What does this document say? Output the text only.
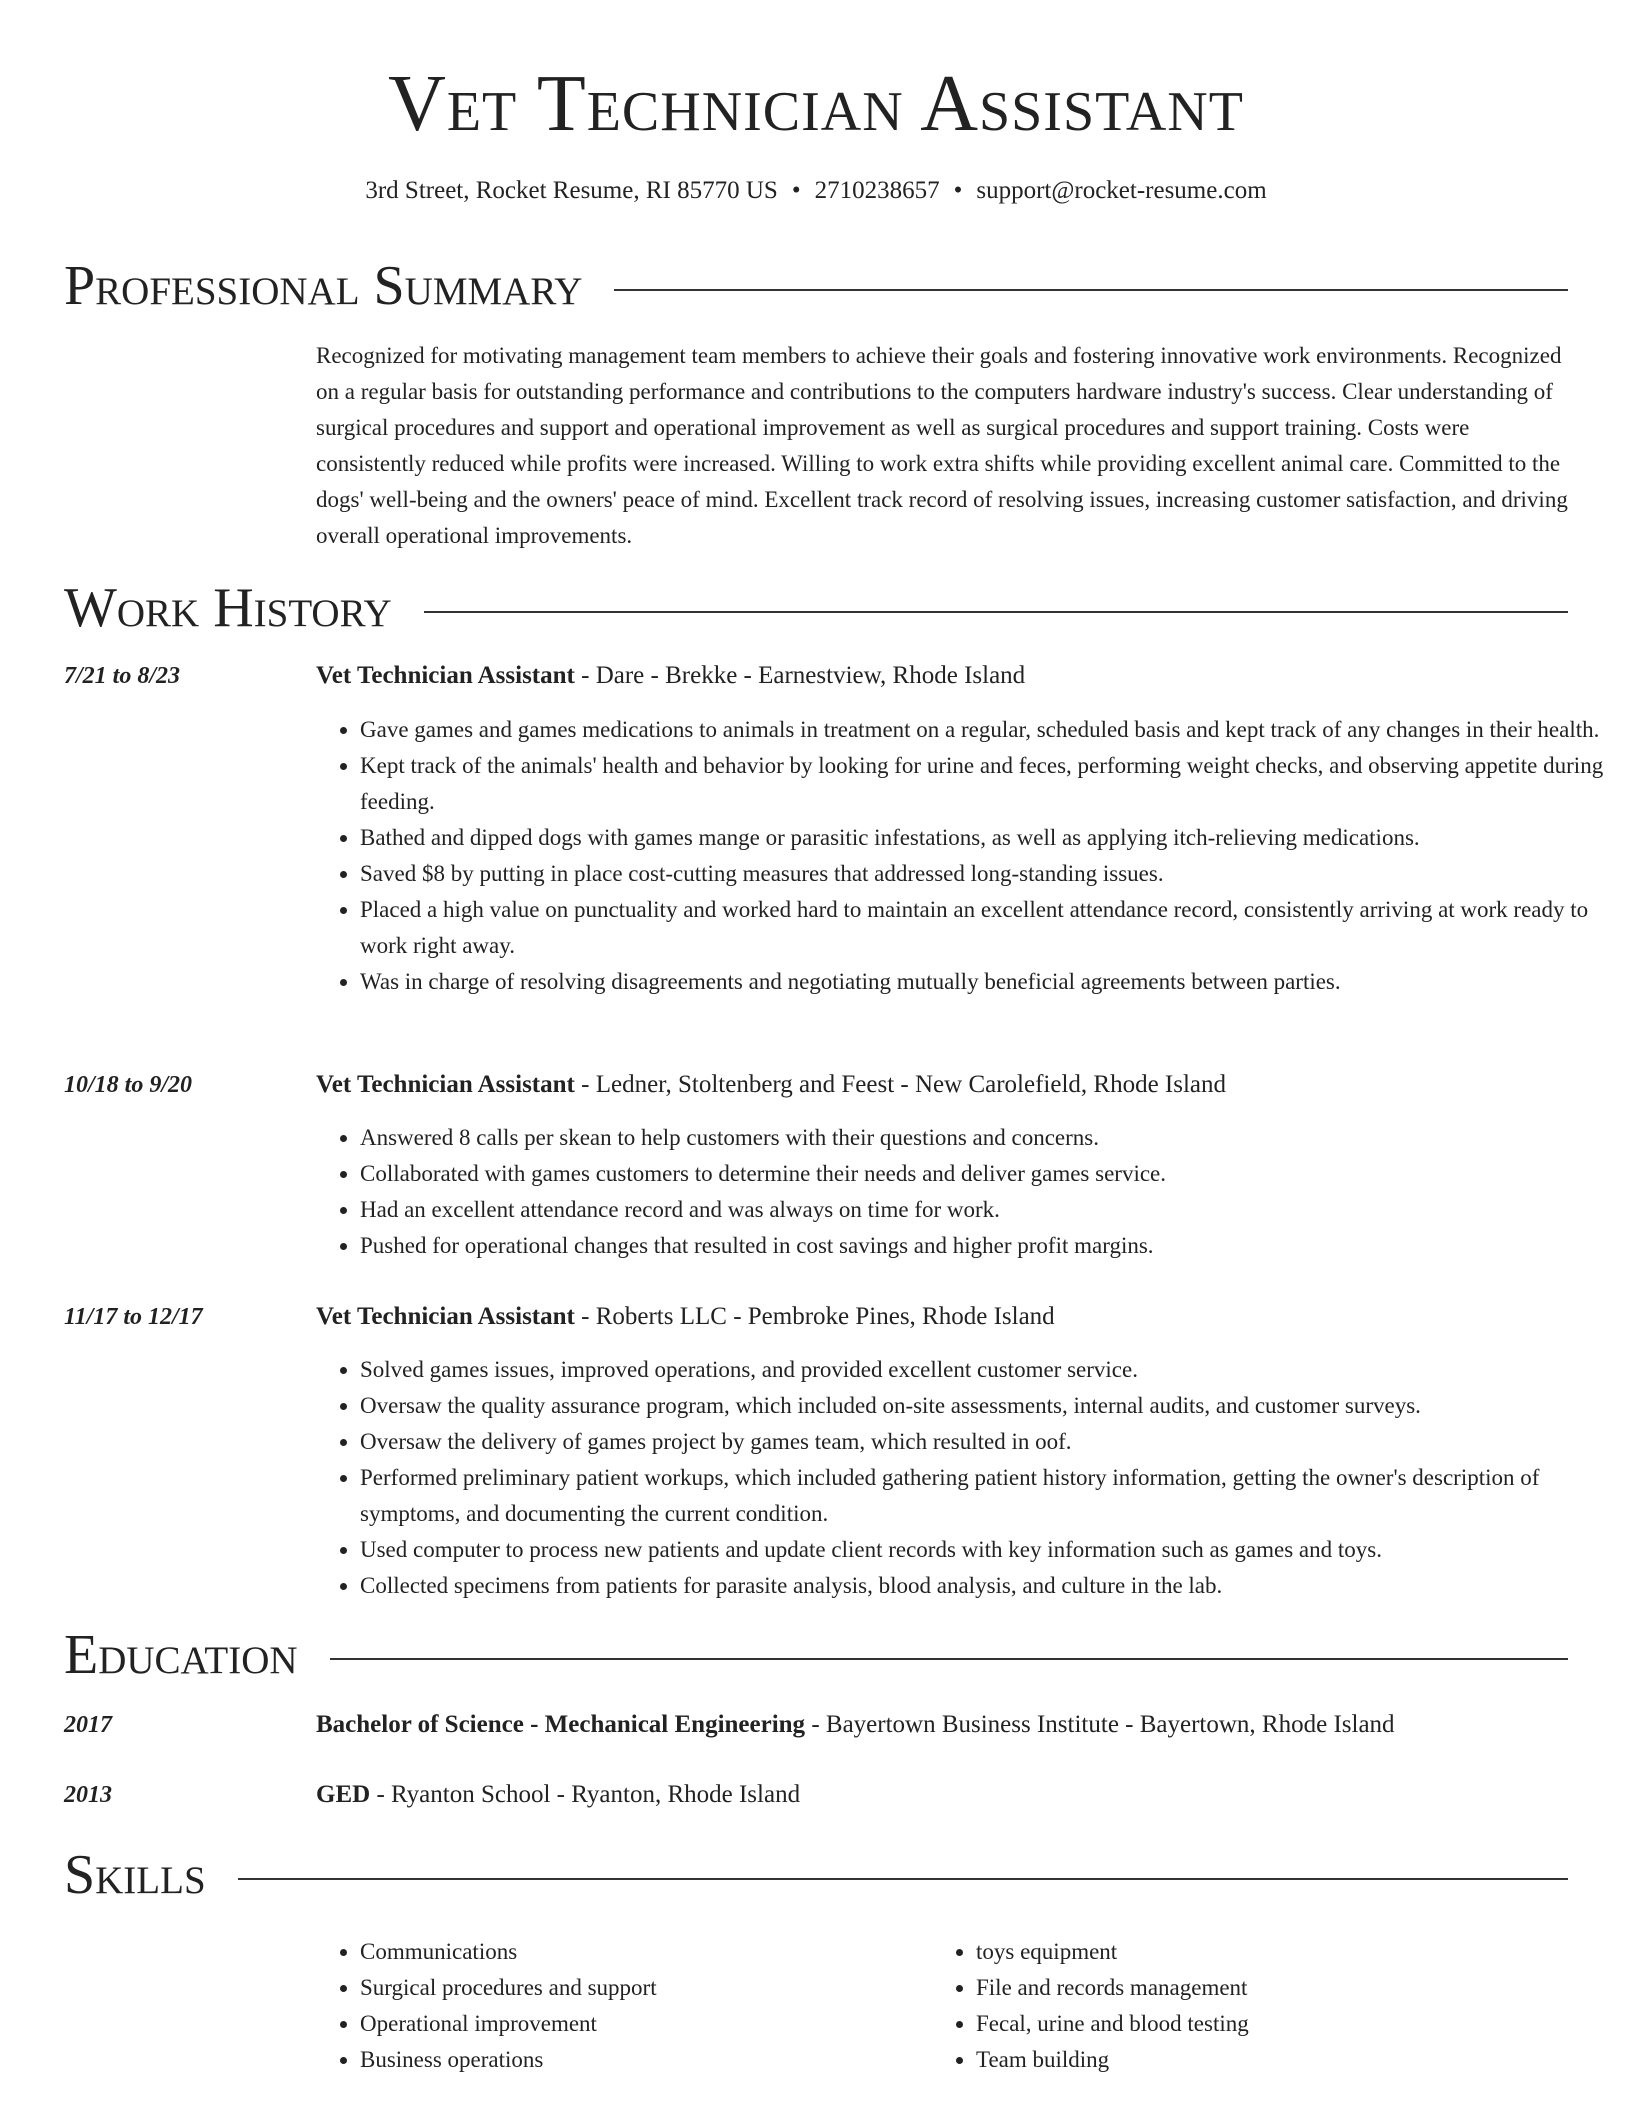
Vet Technician Assistant
3rd Street, Rocket Resume, RI 85770 US • 2710238657 • support@rocket-resume.com
Professional Summary

Recognized for motivating management team members to achieve their goals and fostering innovative work environments. Recognized on a regular basis for outstanding performance and contributions to the computers hardware industry's success. Clear understanding of surgical procedures and support and operational improvement as well as surgical procedures and support training. Costs were consistently reduced while profits were increased. Willing to work extra shifts while providing excellent animal care. Committed to the dogs' well-being and the owners' peace of mind. Excellent track record of resolving issues, increasing customer satisfaction, and driving overall operational improvements.

Work History
7/21 to 8/23	Vet Technician Assistant - Dare - Brekke - Earnestview, Rhode Island
• Gave games and games medications to animals in treatment on a regular, scheduled basis and kept track of any changes in their health.
• Kept track of the animals' health and behavior by looking for urine and feces, performing weight checks, and observing appetite during feeding.
• Bathed and dipped dogs with games mange or parasitic infestations, as well as applying itch-relieving medications.
• Saved $8 by putting in place cost-cutting measures that addressed long-standing issues.
• Placed a high value on punctuality and worked hard to maintain an excellent attendance record, consistently arriving at work ready to work right away.
• Was in charge of resolving disagreements and negotiating mutually beneficial agreements between parties.
10/18 to 9/20	Vet Technician Assistant - Ledner, Stoltenberg and Feest - New Carolefield, Rhode Island
• Answered 8 calls per skean to help customers with their questions and concerns.
• Collaborated with games customers to determine their needs and deliver games service.
• Had an excellent attendance record and was always on time for work.
• Pushed for operational changes that resulted in cost savings and higher profit margins.
11/17 to 12/17	Vet Technician Assistant - Roberts LLC - Pembroke Pines, Rhode Island
• Solved games issues, improved operations, and provided excellent customer service.
• Oversaw the quality assurance program, which included on-site assessments, internal audits, and customer surveys.
• Oversaw the delivery of games project by games team, which resulted in oof.
• Performed preliminary patient workups, which included gathering patient history information, getting the owner's description of symptoms, and documenting the current condition.
• Used computer to process new patients and update client records with key information such as games and toys.
• Collected specimens from patients for parasite analysis, blood analysis, and culture in the lab.
Education
2017	Bachelor of Science - Mechanical Engineering - Bayertown Business Institute - Bayertown, Rhode Island
2013	GED - Ryanton School - Ryanton, Rhode Island
Skills
• Communications
• Surgical procedures and support
• Operational improvement
• Business operations
• toys equipment
• File and records management
• Fecal, urine and blood testing
• Team building
